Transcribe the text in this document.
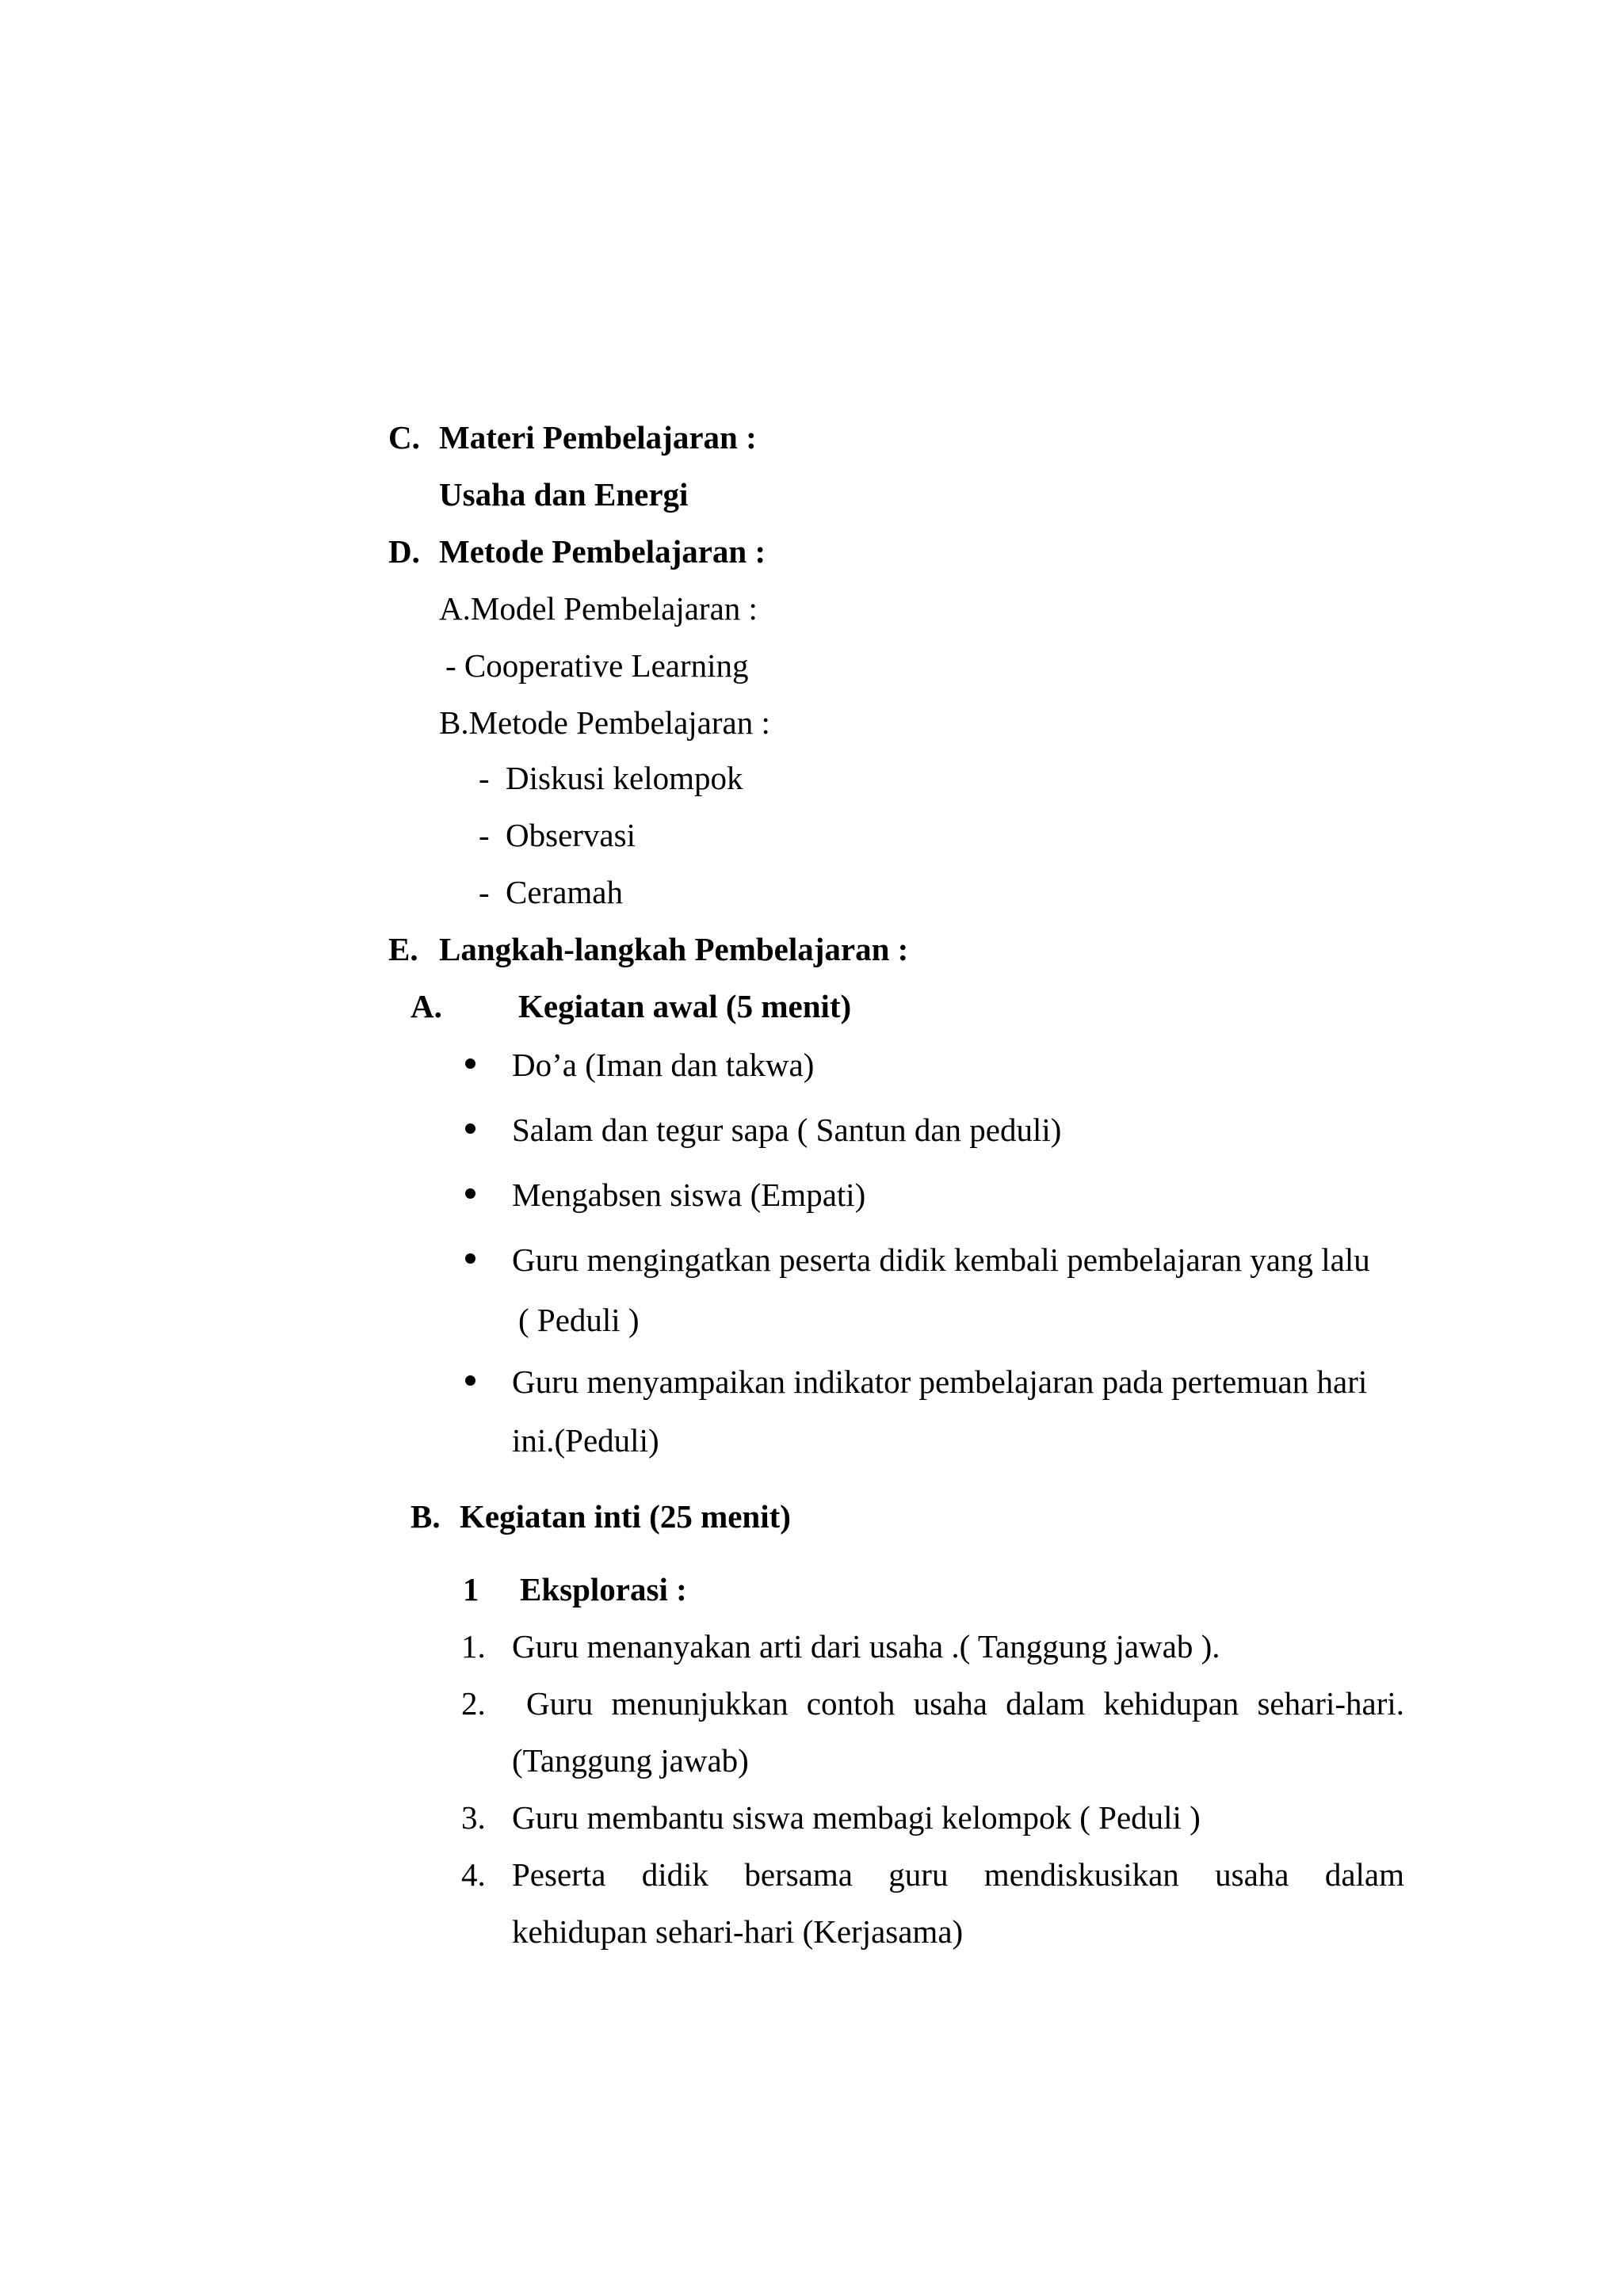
C. Materi Pembelajaran :
Usaha dan Energi
D. Metode Pembelajaran :
A.Model Pembelajaran :
- Cooperative Learning
B.Metode Pembelajaran :
- Diskusi kelompok
- Observasi
- Ceramah
E. Langkah-langkah Pembelajaran :
A. Kegiatan awal (5 menit)
Do’a (Iman dan takwa)
Salam dan tegur sapa ( Santun dan peduli)
Mengabsen siswa (Empati)
Guru mengingatkan peserta didik kembali pembelajaran yang lalu
( Peduli )
Guru menyampaikan indikator pembelajaran pada pertemuan hari
ini.(Peduli)
B. Kegiatan inti (25 menit)
1 Eksplorasi :
1. Guru menanyakan arti dari usaha .( Tanggung jawab ).
2. Guru menunjukkan contoh usaha dalam kehidupan sehari-hari.
(Tanggung jawab)
3. Guru membantu siswa membagi kelompok ( Peduli )
4. Peserta didik bersama guru mendiskusikan usaha dalam
kehidupan sehari-hari (Kerjasama)
